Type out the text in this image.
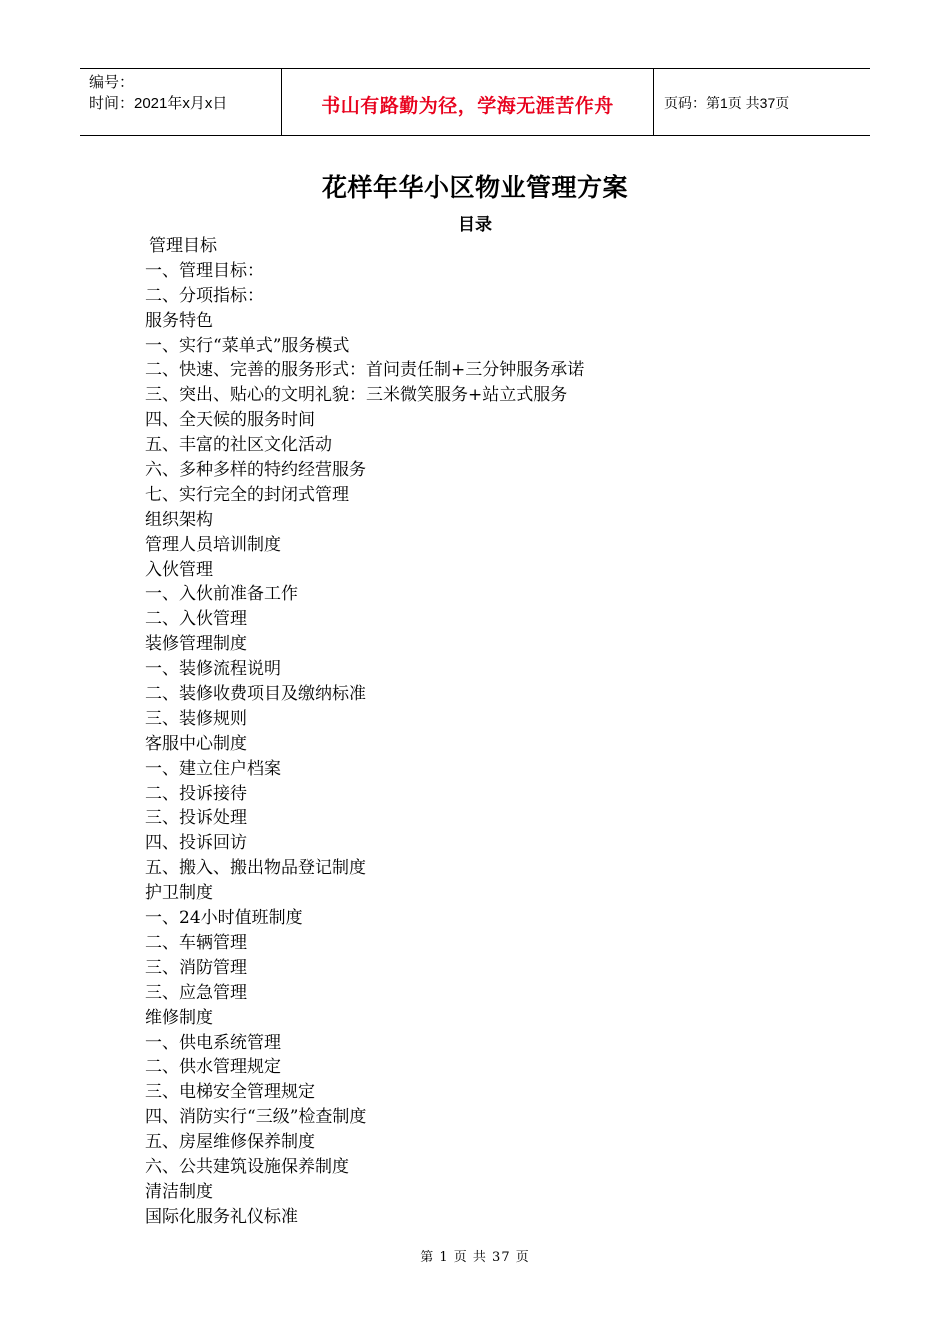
编号：
时间：2021年x月x日	书山有路勤为径，学海无涯苦作舟	页码：第1页 共37页
花样年华小区物业管理方案
目录
管理目标
一、管理目标：
二、分项指标：
服务特色
一、实行“菜单式”服务模式
二、快速、完善的服务形式：首问责任制+三分钟服务承诺
三、突出、贴心的文明礼貌：三米微笑服务+站立式服务
四、全天候的服务时间
五、丰富的社区文化活动
六、多种多样的特约经营服务
七、实行完全的封闭式管理
组织架构
管理人员培训制度
入伙管理
一、入伙前准备工作
二、入伙管理
装修管理制度
一、装修流程说明
二、装修收费项目及缴纳标准
三、装修规则
客服中心制度
一、建立住户档案
二、投诉接待
三、投诉处理
四、投诉回访
五、搬入、搬出物品登记制度
护卫制度
一、24小时值班制度
二、车辆管理
三、消防管理
三、应急管理
维修制度
一、供电系统管理
二、供水管理规定
三、电梯安全管理规定
四、消防实行“三级”检查制度
五、房屋维修保养制度
六、公共建筑设施保养制度
清洁制度
国际化服务礼仪标准
第 1 页 共 37 页
